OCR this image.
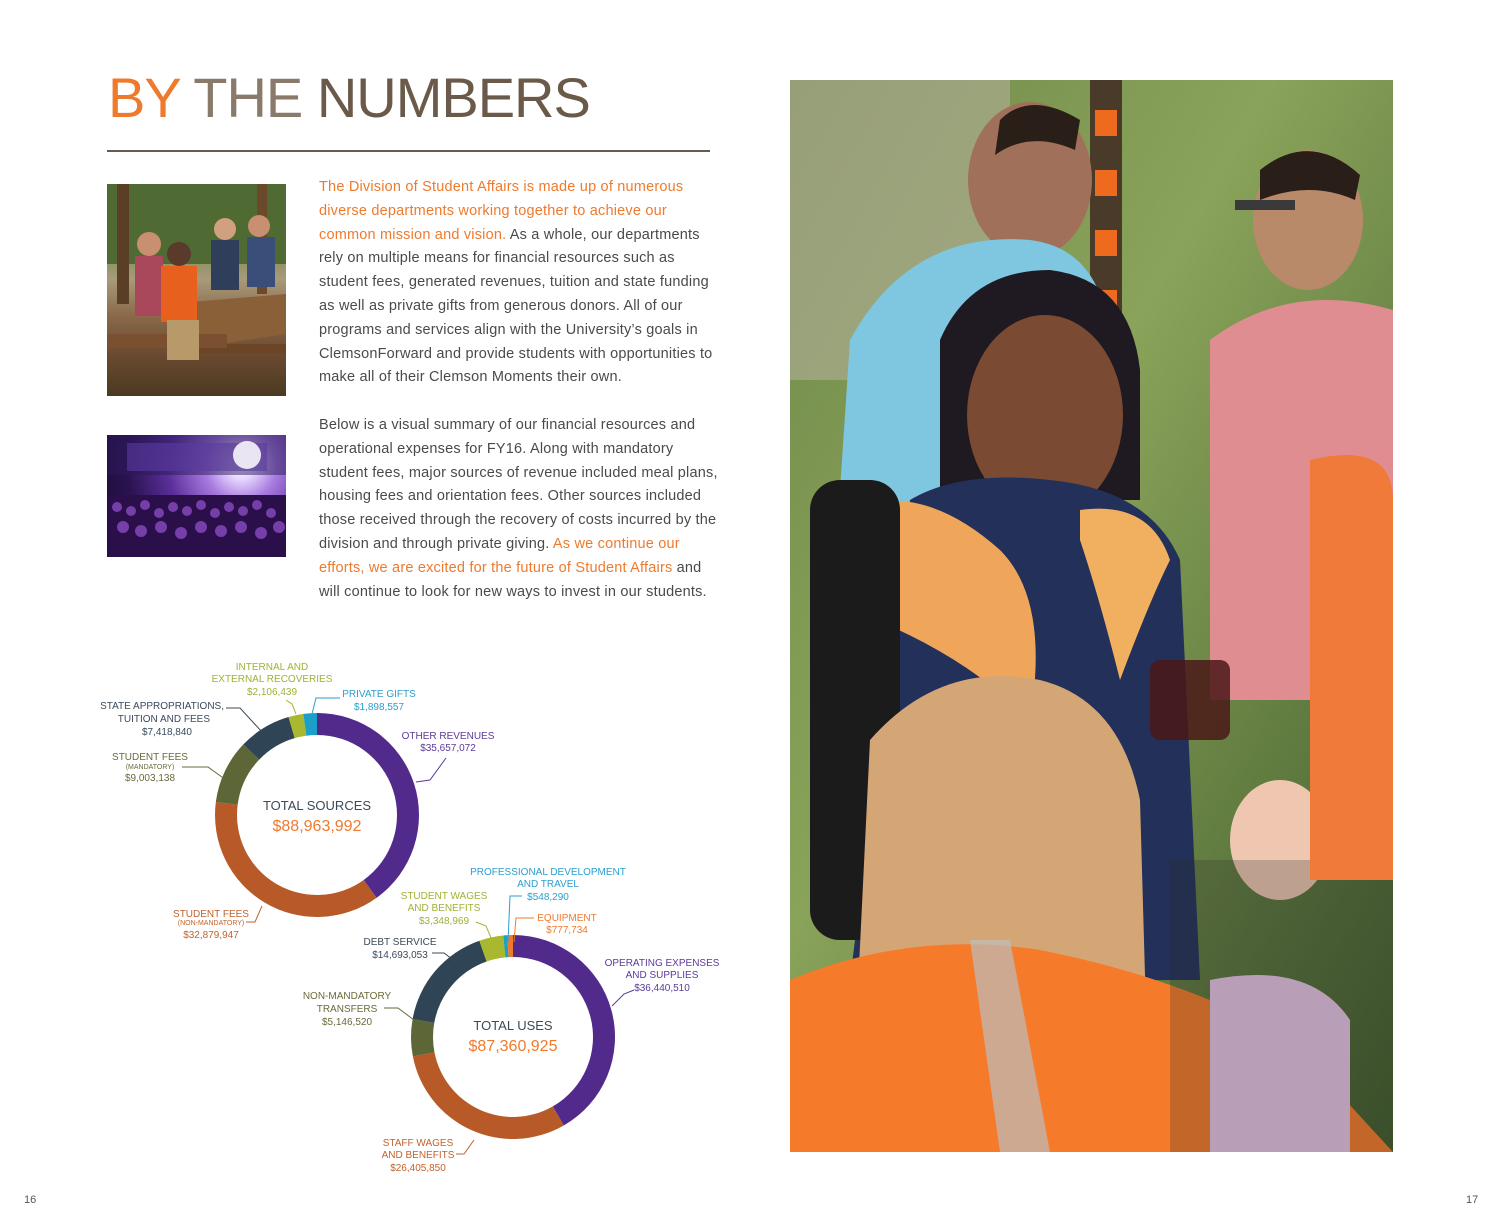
BY THE NUMBERS

The Division of Student Affairs is made up of numerous diverse departments working together to achieve our common mission and vision. As a whole, our departments rely on multiple means for financial resources such as student fees, generated revenues, tuition and state funding as well as private gifts from generous donors. All of our programs and services align with the University’s goals in ClemsonForward and provide students with opportunities to make all of their Clemson Moments their own.

Below is a visual summary of our financial resources and operational expenses for FY16. Along with mandatory student fees, major sources of revenue included meal plans, housing fees and orientation fees. Other sources included those received through the recovery of costs incurred by the division and through private giving. As we continue our efforts, we are excited for the future of Student Affairs and will continue to look for new ways to invest in our students.

TOTAL SOURCES
$88,963,992
TOTAL USES
$87,360,925
INTERNAL AND
EXTERNAL RECOVERIES
$2,106,439	PRIVATE GIFTS
$1,898,557
STATE APPROPRIATIONS,
TUITION AND FEES
$7,418,840
STUDENT FEES
(MANDATORY)
$9,003,138
OTHER REVENUES
$35,657,072
STUDENT FEES
(NON-MANDATORY)
$32,879,947
PROFESSIONAL DEVELOPMENT
AND TRAVEL
$548,290
STUDENT WAGES
AND BENEFITS
$3,348,969	EQUIPMENT
$777,734
DEBT SERVICE
$14,693,053
OPERATING EXPENSES
AND SUPPLIES
$36,440,510
NON-MANDATORY
TRANSFERS
$5,146,520
STAFF WAGES
AND BENEFITS
$26,405,850
16	17
